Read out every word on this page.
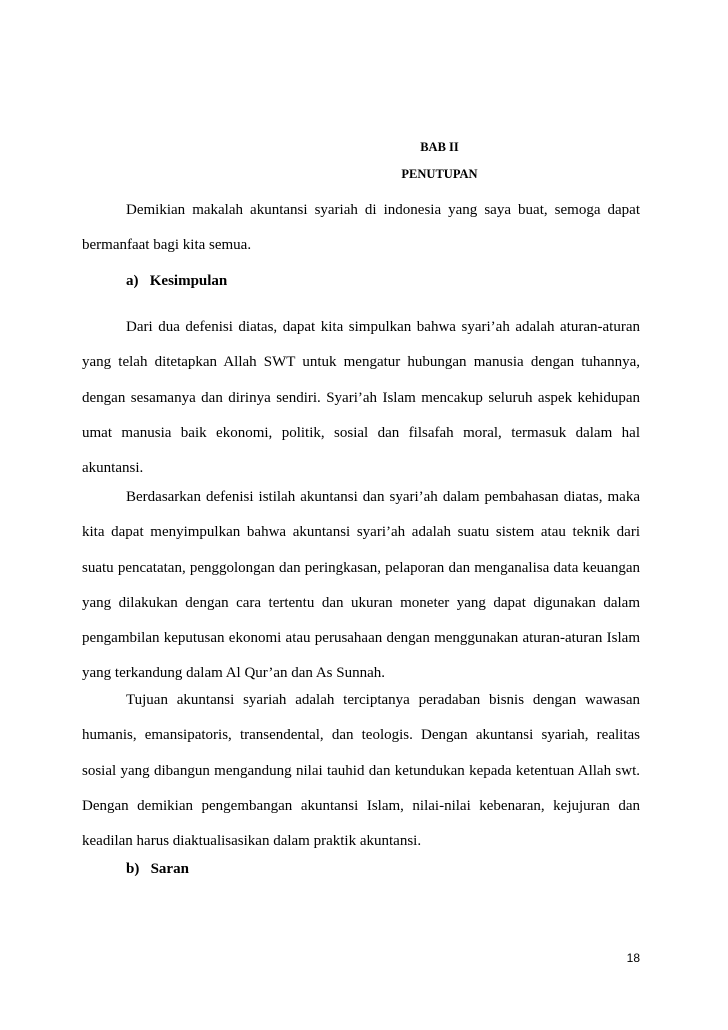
BAB II
PENUTUPAN

Demikian makalah akuntansi syariah di indonesia yang saya buat, semoga dapat bermanfaat bagi kita semua.

a)   Kesimpulan

Dari dua defenisi diatas, dapat kita simpulkan bahwa syari’ah adalah aturan-aturan yang telah ditetapkan Allah SWT untuk mengatur hubungan manusia dengan tuhannya, dengan sesamanya dan dirinya sendiri. Syari’ah Islam mencakup seluruh aspek kehidupan umat manusia baik ekonomi, politik, sosial dan filsafah moral, termasuk dalam hal akuntansi.

Berdasarkan defenisi istilah akuntansi dan syari’ah dalam pembahasan diatas, maka kita dapat menyimpulkan bahwa akuntansi syari’ah adalah suatu sistem atau teknik dari suatu pencatatan, penggolongan dan peringkasan, pelaporan dan menganalisa data keuangan yang dilakukan dengan cara tertentu dan ukuran moneter yang dapat digunakan dalam pengambilan keputusan ekonomi atau perusahaan dengan menggunakan aturan-aturan Islam yang terkandung dalam Al Qur’an dan As Sunnah.

Tujuan akuntansi syariah adalah terciptanya peradaban bisnis dengan wawasan humanis, emansipatoris, transendental, dan teologis. Dengan akuntansi syariah, realitas sosial yang dibangun mengandung nilai tauhid dan ketundukan kepada ketentuan Allah swt. Dengan demikian pengembangan akuntansi Islam, nilai-nilai kebenaran, kejujuran dan keadilan harus diaktualisasikan dalam praktik akuntansi.

b)   Saran

18
